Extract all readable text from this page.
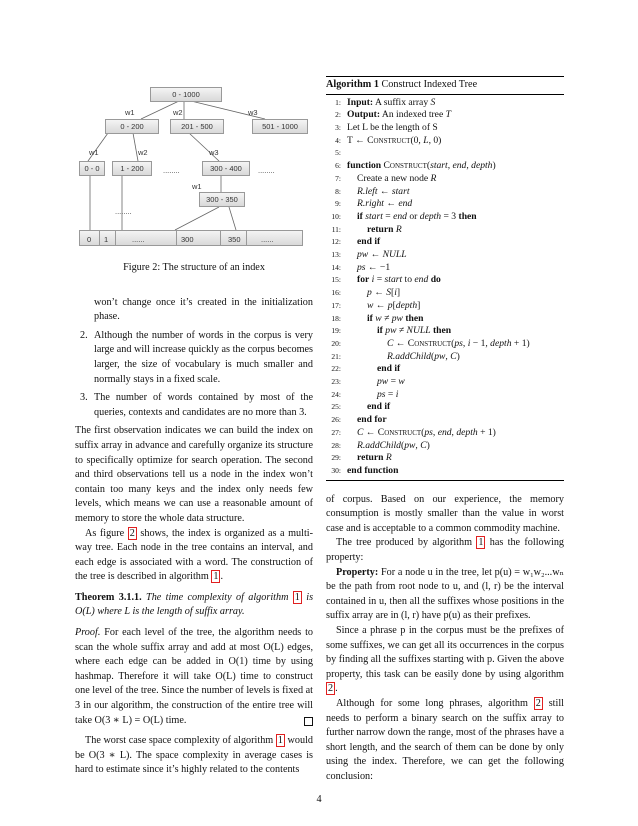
0 - 1000
0 - 200	201 - 500	501 - 1000
0 - 0	1 - 200	300 - 400
300 - 350
w1	w2	w3
w1	w2	w3
w1
........	........
........
0 1	......	300	350	......
Figure 2: The structure of an index
won’t change once it’s created in the initialization phase.
2. Although the number of words in the corpus is very large and will increase quickly as the corpus becomes larger, the size of vocabulary is much smaller and normally stays in a fixed scale.
3. The number of words contained by most of the queries, contexts and candidates are no more than 3.

The first observation indicates we can build the index on suffix array in advance and carefully organize its structure to specifically optimize for search operation. The second and third observations tell us a node in the index won’t contain too many keys and the index only needs few levels, which means we can use a reasonable amount of memory to store the whole data structure.

As figure 2 shows, the index is organized as a multi-way tree. Each node in the tree contains an interval, and each edge is associated with a word. The construction of the tree is described in algorithm 1 .

Theorem 3.1.1. The time complexity of algorithm 1 is O(L) where L is the length of suffix array.

Proof. For each level of the tree, the algorithm needs to scan the whole suffix array and add at most O(L) edges, where each edge can be added in O(1) time by using hashmap. Therefore it will take O(L) time to construct one level of the tree. Since the number of levels is fixed at 3 in our algorithm, the construction of the entire tree will take O(3 ∗ L) = O(L) time.

The worst case space complexity of algorithm 1 would be O(3 ∗ L). The space complexity in average cases is hard to estimate since it’s highly related to the contents

Algorithm 1 Construct Indexed Tree
1: Input: A suffix array S
2: Output: An indexed tree T
3: Let L be the length of S
4: T ← Construct(0, L, 0)
5:

6: function Construct(start, end, depth)
7: Create a new node R
8: R.left ← start
9: R.right ← end
10: if start = end or depth = 3 then
11:	return R
12: end if
13: pw ← NULL
14: ps ← −1
15: for i = start to end do
16:	p ← S[i]
17:	w ← p[depth]
18:	if w ≠ pw then
19:	if pw ≠ NULL then
20:	C ← Construct(ps, i − 1, depth + 1)
21:	R.addChild(pw, C)
22:	end if
23:	pw = w
24:	ps = i
25:	end if
26: end for
27: C ← Construct(ps, end, depth + 1)
28: R.addChild(pw, C)
29: return R
30: end function

of corpus. Based on our experience, the memory consumption is mostly smaller than the value in worst case and is acceptable to a common commodity machine.

The tree produced by algorithm 1 has the following property:

Property: For a node u in the tree, let p(u) = w₁w₂...wₙ be the path from root node to u, and (l, r) be the interval contained in u, then all the suffixes whose positions in the suffix array are in (l, r) have p(u) as their prefixes.

Since a phrase p in the corpus must be the prefixes of some suffixes, we can get all its occurrences in the corpus by finding all the suffixes starting with p. Given the above property, this task can be easily done by using algorithm 2 .

Although for some long phrases, algorithm 2 still needs to perform a binary search on the suffix array to further narrow down the range, most of the phrases have a short length, and the search of them can be done by only using the index. Therefore, we can get the following conclusion:

4
